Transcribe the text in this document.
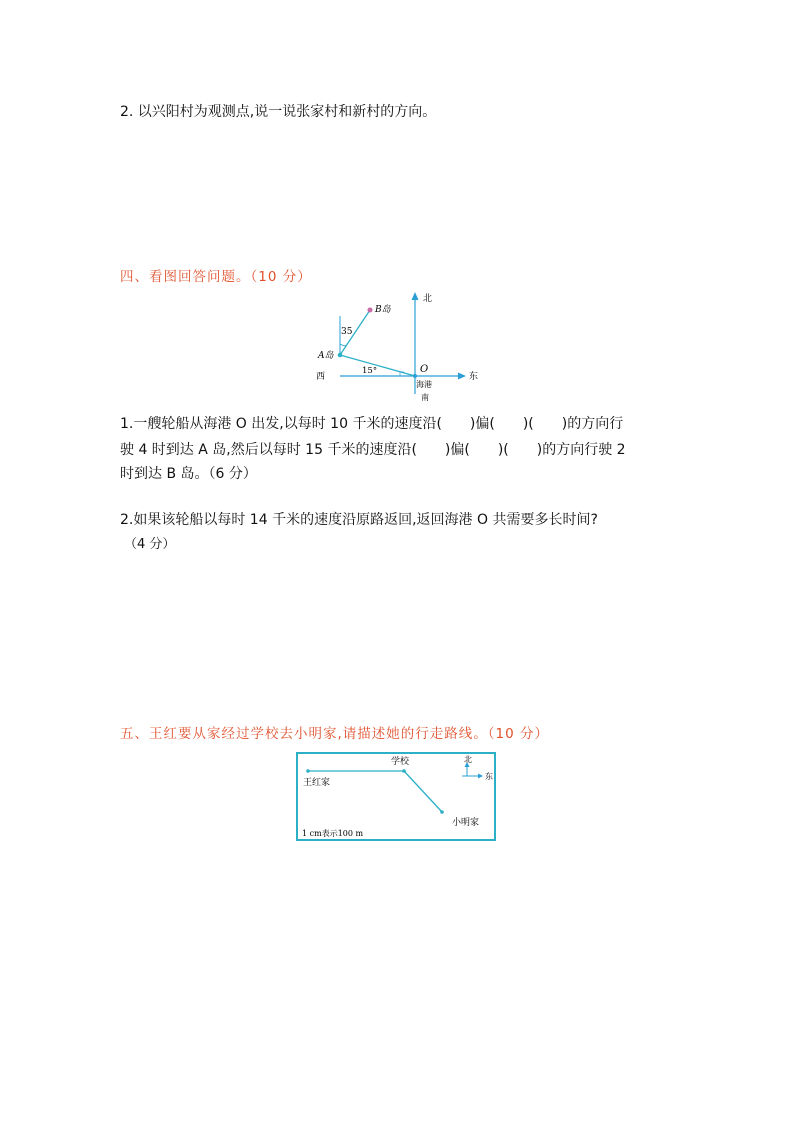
2. 以兴阳村为观测点,说一说张家村和新村的方向。
四、看图回答问题。（10 分）
北
东
西
B岛
A岛
O
海港
南
35
15°
1.一艘轮船从海港 O 出发,以每时 10 千米的速度沿(　　)偏(　　)(　　)的方向行
驶 4 时到达 A 岛,然后以每时 15 千米的速度沿(　　)偏(　　)(　　)的方向行驶 2
时到达 B 岛。（6 分）
2.如果该轮船以每时 14 千米的速度沿原路返回,返回海港 O 共需要多长时间?
（4 分）
五、王红要从家经过学校去小明家,请描述她的行走路线。（10 分）
王红家
学校
小明家
北
东
1 cm表示100 m
